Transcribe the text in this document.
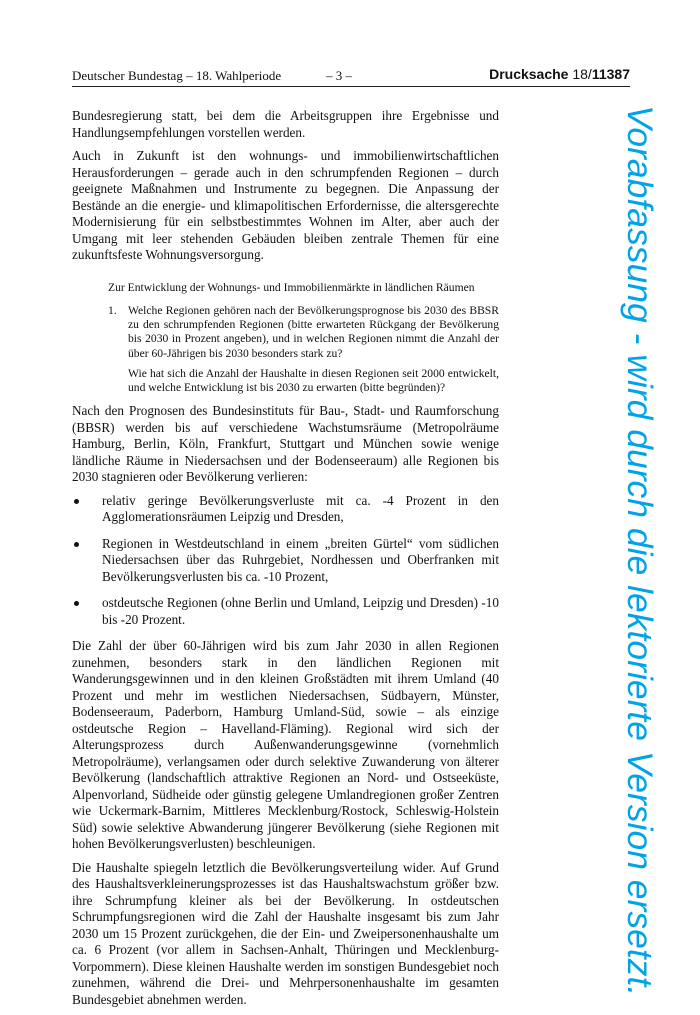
Deutscher Bundestag – 18. Wahlperiode	– 3 –	Drucksache 18/11387

Bundesregierung statt, bei dem die Arbeitsgruppen ihre Ergebnisse und Handlungsempfehlungen vorstellen werden.

Auch in Zukunft ist den wohnungs- und immobilienwirtschaftlichen Herausforderungen – gerade auch in den schrumpfenden Regionen – durch geeignete Maßnahmen und Instrumente zu begegnen. Die Anpassung der Bestände an die energie- und klimapolitischen Erfordernisse, die altersgerechte Modernisierung für ein selbstbestimmtes Wohnen im Alter, aber auch der Umgang mit leer stehenden Gebäuden bleiben zentrale Themen für eine zukunftsfeste Wohnungsversorgung.

Zur Entwicklung der Wohnungs- und Immobilienmärkte in ländlichen Räumen

1. Welche Regionen gehören nach der Bevölkerungsprognose bis 2030 des BBSR zu den schrumpfenden Regionen (bitte erwarteten Rückgang der Bevölkerung bis 2030 in Prozent angeben), und in welchen Regionen nimmt die Anzahl der über 60-Jährigen bis 2030 besonders stark zu?

Wie hat sich die Anzahl der Haushalte in diesen Regionen seit 2000 entwickelt, und welche Entwicklung ist bis 2030 zu erwarten (bitte begründen)?

Nach den Prognosen des Bundesinstituts für Bau-, Stadt- und Raumforschung (BBSR) werden bis auf verschiedene Wachstumsräume (Metropolräume Hamburg, Berlin, Köln, Frankfurt, Stuttgart und München sowie wenige ländliche Räume in Niedersachsen und der Bodenseeraum) alle Regionen bis 2030 stagnieren oder Bevölkerung verlieren:

relativ geringe Bevölkerungsverluste mit ca. -4 Prozent in den Agglomerationsräumen Leipzig und Dresden,
Regionen in Westdeutschland in einem „breiten Gürtel“ vom südlichen Niedersachsen über das Ruhrgebiet, Nordhessen und Oberfranken mit Bevölkerungsverlusten bis ca. -10 Prozent,
ostdeutsche Regionen (ohne Berlin und Umland, Leipzig und Dresden) -10 bis -20 Prozent.

Die Zahl der über 60-Jährigen wird bis zum Jahr 2030 in allen Regionen zunehmen, besonders stark in den ländlichen Regionen mit Wanderungsgewinnen und in den kleinen Großstädten mit ihrem Umland (40 Prozent und mehr im westlichen Niedersachsen, Südbayern, Münster, Bodenseeraum, Paderborn, Hamburg Umland-Süd, sowie – als einzige ostdeutsche Region – Havelland-Fläming). Regional wird sich der Alterungsprozess durch Außenwanderungsgewinne (vornehmlich Metropolräume), verlangsamen oder durch selektive Zuwanderung von älterer Bevölkerung (landschaftlich attraktive Regionen an Nord- und Ostseeküste, Alpenvorland, Südheide oder günstig gelegene Umlandregionen großer Zentren wie Uckermark-Barnim, Mittleres Mecklenburg/Rostock, Schleswig-Holstein Süd) sowie selektive Abwanderung jüngerer Bevölkerung (siehe Regionen mit hohen Bevölkerungsverlusten) beschleunigen.

Die Haushalte spiegeln letztlich die Bevölkerungsverteilung wider. Auf Grund des Haushaltsverkleinerungsprozesses ist das Haushaltswachstum größer bzw. ihre Schrumpfung kleiner als bei der Bevölkerung. In ostdeutschen Schrumpfungsregionen wird die Zahl der Haushalte insgesamt bis zum Jahr 2030 um 15 Prozent zurückgehen, die der Ein- und Zweipersonenhaushalte um ca. 6 Prozent (vor allem in Sachsen-Anhalt, Thüringen und Mecklenburg-Vorpommern). Diese kleinen Haushalte werden im sonstigen Bundesgebiet noch zunehmen, während die Drei- und Mehrpersonenhaushalte im gesamten Bundesgebiet abnehmen werden.

Vorabfassung - wird durch die lektorierte Version ersetzt.
